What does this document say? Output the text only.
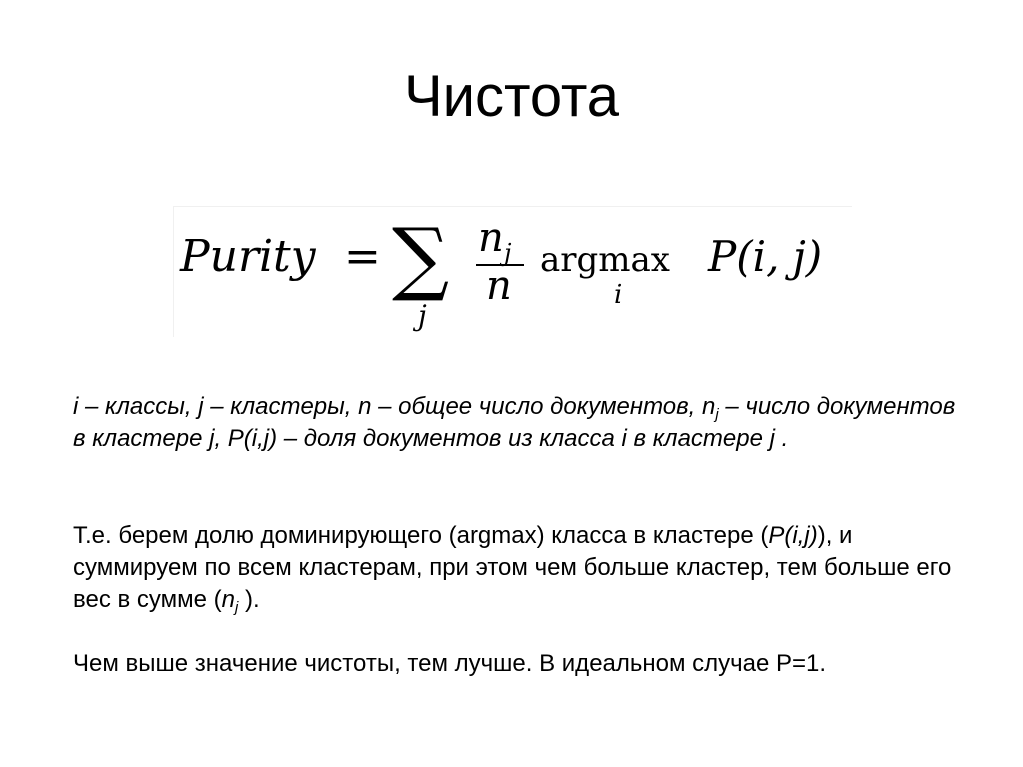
Чистота
Purity = ∑
j
n j
n
argmax
i
P(i, j)

i – классы, j – кластеры, n – общее число документов, $n_j$ – число документов в кластере j, P(i,j) – доля документов из класса i в кластере j .

Т.е. берем долю доминирующего (argmax) класса в кластере (P(i,j)), и суммируем по всем кластерам, при этом чем больше кластер, тем больше его вес в сумме ($n_j$ ).

Чем выше значение чистоты, тем лучше. В идеальном случае P=1.
